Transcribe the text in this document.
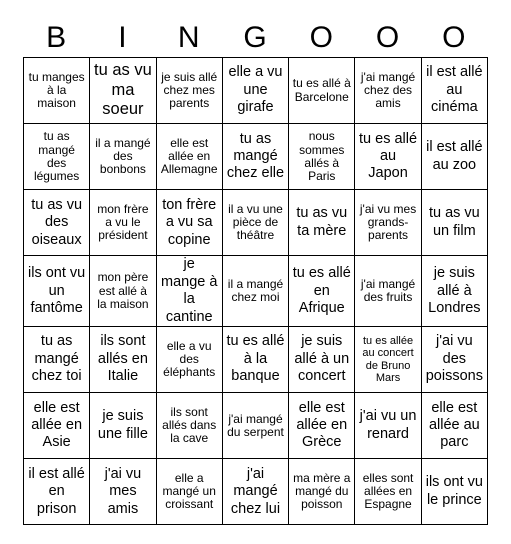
B	I	N	G	O	O	O
tu manges à la maison	tu as vu ma soeur	je suis allé chez mes parents	elle a vu une girafe	tu es allé à Barcelone	j'ai mangé chez des amis	il est allé au cinéma
tu as mangé des légumes	il a mangé des bonbons	elle est allée en Allemagne	tu as mangé chez elle	nous sommes allés à Paris	tu es allé au Japon	il est allé au zoo
tu as vu des oiseaux	mon frère a vu le président	ton frère a vu sa copine	il a vu une pièce de théâtre	tu as vu ta mère	j'ai vu mes grands-parents	tu as vu un film
ils ont vu un fantôme	mon père est allé à la maison	je mange à la cantine	il a mangé chez moi	tu es allé en Afrique	j'ai mangé des fruits	je suis allé à Londres
tu as mangé chez toi	ils sont allés en Italie	elle a vu des éléphants	tu es allé à la banque	je suis allé à un concert	tu es allée au concert de Bruno Mars	j'ai vu des poissons
elle est allée en Asie	je suis une fille	ils sont allés dans la cave	j'ai mangé du serpent	elle est allée en Grèce	j'ai vu un renard	elle est allée au parc
il est allé en prison	j'ai vu mes amis	elle a mangé un croissant	j'ai mangé chez lui	ma mère a mangé du poisson	elles sont allées en Espagne	ils ont vu le prince
